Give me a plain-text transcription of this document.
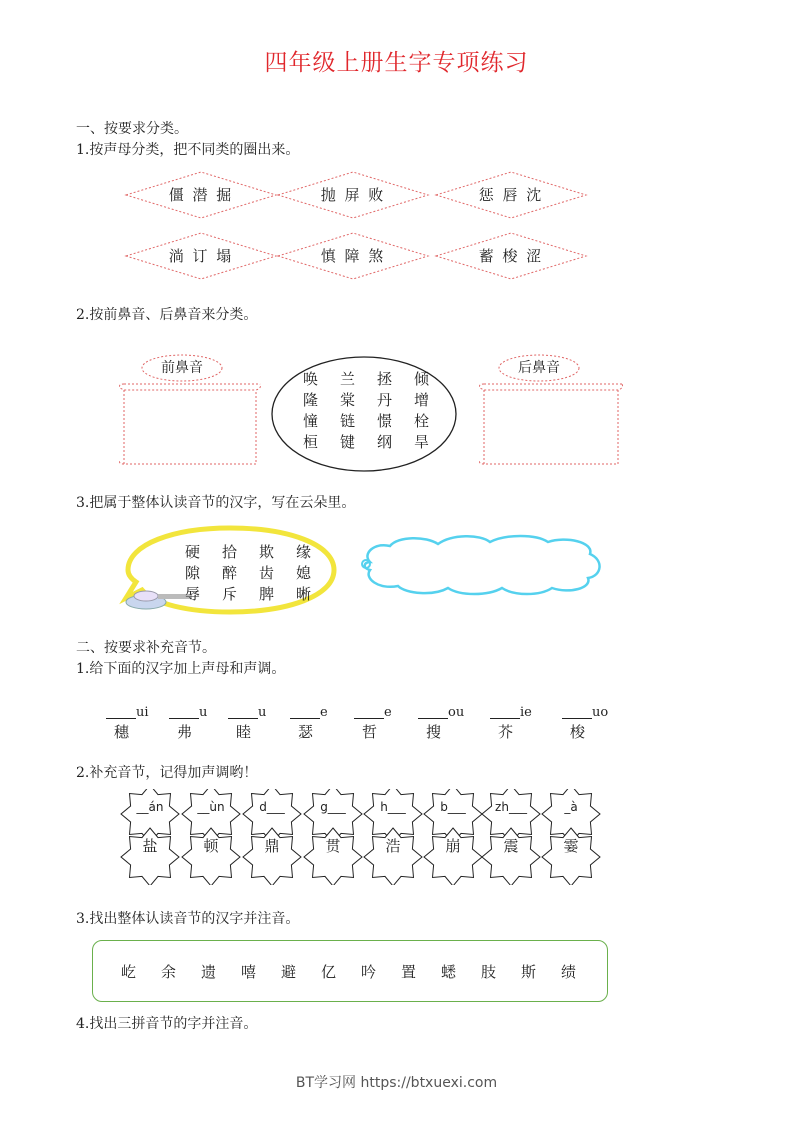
四年级上册生字专项练习
一、按要求分类。
1.按声母分类，把不同类的圈出来。
僵 潜 掘	抛 屏 败	惩 唇 沈
淌 订 塌	慎 障 煞	蓄 梭 涩
2.按前鼻音、后鼻音来分类。
前鼻音
唤 兰 拯 倾
隆 棠 丹 增
憧 链 憬 栓
桓 键 纲 旱
后鼻音
3.把属于整体认读音节的汉字，写在云朵里。
硬 拾 欺 缘
隙 醉 齿 媳
辱 斥 脾 晰
二、按要求补充音节。
1.给下面的汉字加上声母和声调。
ui
穗
u
弗
u
睦
e
瑟
e
哲
ou
搜
ie
芥
uo
梭
2.补充音节，记得加声调哟！
__án
盐
__ùn
顿
d___
鼎
g___
贯
h___
浩
b___
崩
zh___
震
_à
霎
3.找出整体认读音节的汉字并注音。
屹 余 遗 嘻 避 亿 吟 置 蟋 肢 斯 绩
4.找出三拼音节的字并注音。
BT学习网 https://btxuexi.com
